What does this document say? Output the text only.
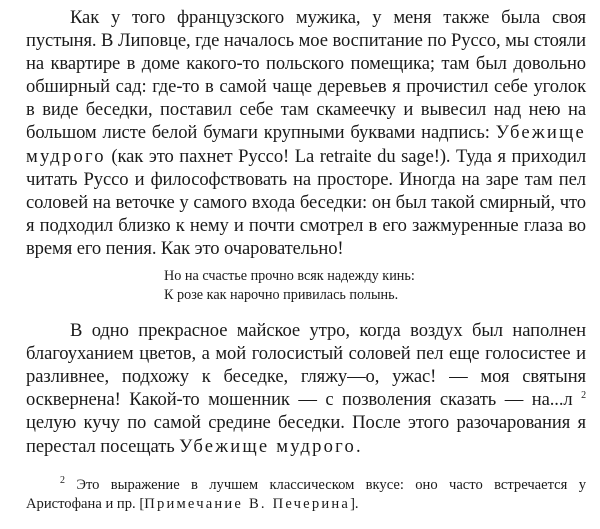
Как у того французского мужика, у меня также была своя пустыня. В Липовце, где началось мое воспитание по Руссо, мы стояли на квартире в доме какого-то польского помещика; там был довольно обширный сад: где-то в самой чаще деревьев я прочистил себе уголок в виде беседки, поставил себе там скамеечку и вывесил над нею на большом листе белой бумаги крупными буквами надпись: Убежище мудрого (как это пахнет Руссо! La retraite du sage!). Туда я приходил читать Руссо и философствовать на просторе. Иногда на заре там пел соловей на веточке у самого входа беседки: он был такой смирный, что я подходил близко к нему и почти смотрел в его зажмуренные глаза во время его пения. Как это очаровательно!

Но на счастье прочно всяк надежду кинь:
К розе как нарочно привилась полынь.

В одно прекрасное майское утро, когда воздух был наполнен благоуханием цветов, а мой голосистый соловей пел еще голосистее и разливнее, подхожу к беседке, гляжу—о, ужас! — моя святыня осквернена! Какой-то мошенник — с позволения сказать — на...л $^2$ целую кучу по самой средине беседки. После этого разочарования я перестал посещать Убежище мудрого.

$^2$ Это выражение в лучшем классическом вкусе: оно часто встречается у Аристофана и пр. [Примечание В. Печерина].
